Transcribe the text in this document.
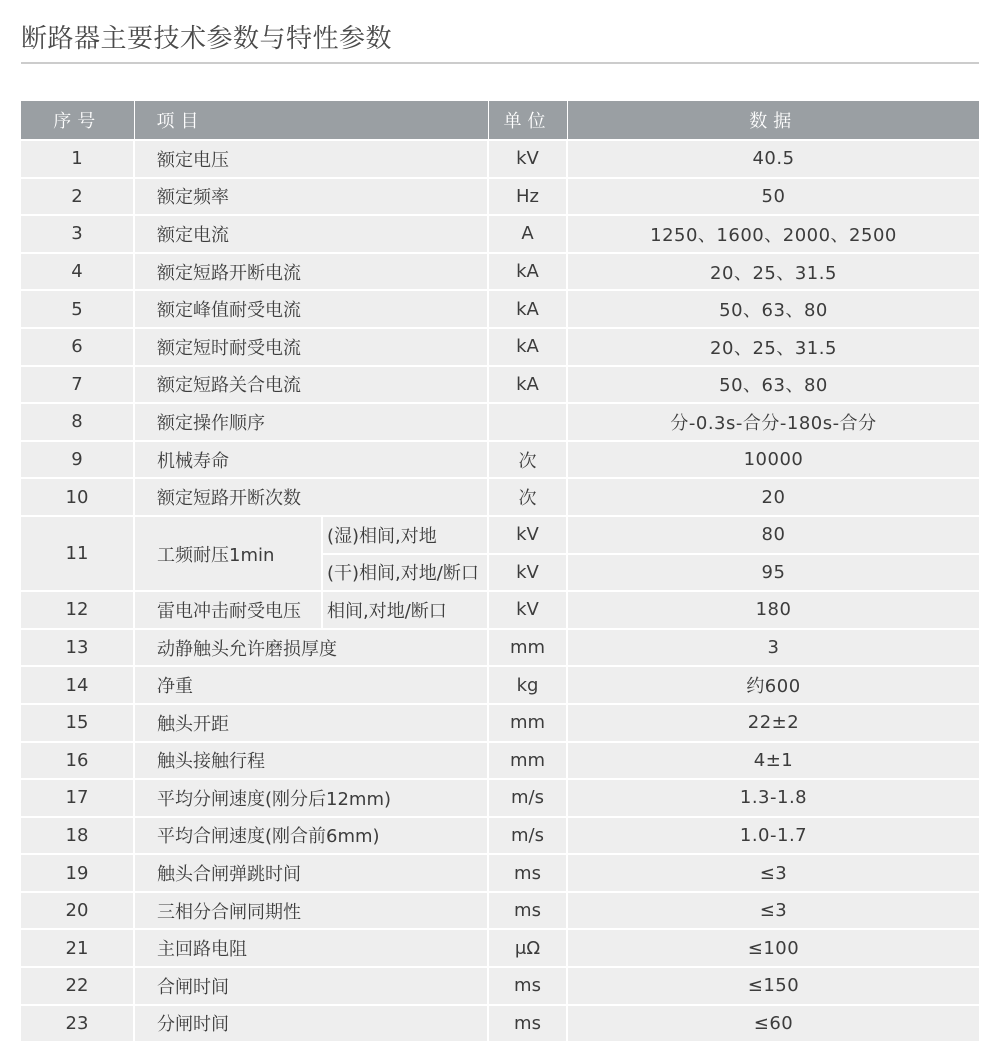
断路器主要技术参数与特性参数
序号	项目		单位	数据
1	额定电压		kV	40.5
2	额定频率		Hz	50
3	额定电流		A	1250、1600、2000、2500
4	额定短路开断电流		kA	20、25、31.5
5	额定峰值耐受电流		kA	50、63、80
6	额定短时耐受电流		kA	20、25、31.5
7	额定短路关合电流		kA	50、63、80
8	额定操作顺序			分-0.3s-合分-180s-合分
9	机械寿命		次	10000
10	额定短路开断次数		次	20
11	工频耐压1min	(湿)相间,对地	kV	80
		(干)相间,对地/断口	kV	95
12	雷电冲击耐受电压	相间,对地/断口	kV	180
13	动静触头允许磨损厚度		mm	3
14	净重		kg	约600
15	触头开距		mm	22±2
16	触头接触行程		mm	4±1
17	平均分闸速度(刚分后12mm)		m/s	1.3-1.8
18	平均合闸速度(刚合前6mm)		m/s	1.0-1.7
19	触头合闸弹跳时间		ms	≤3
20	三相分合闸同期性		ms	≤3
21	主回路电阻		μΩ	≤100
22	合闸时间		ms	≤150
23	分闸时间		ms	≤60
